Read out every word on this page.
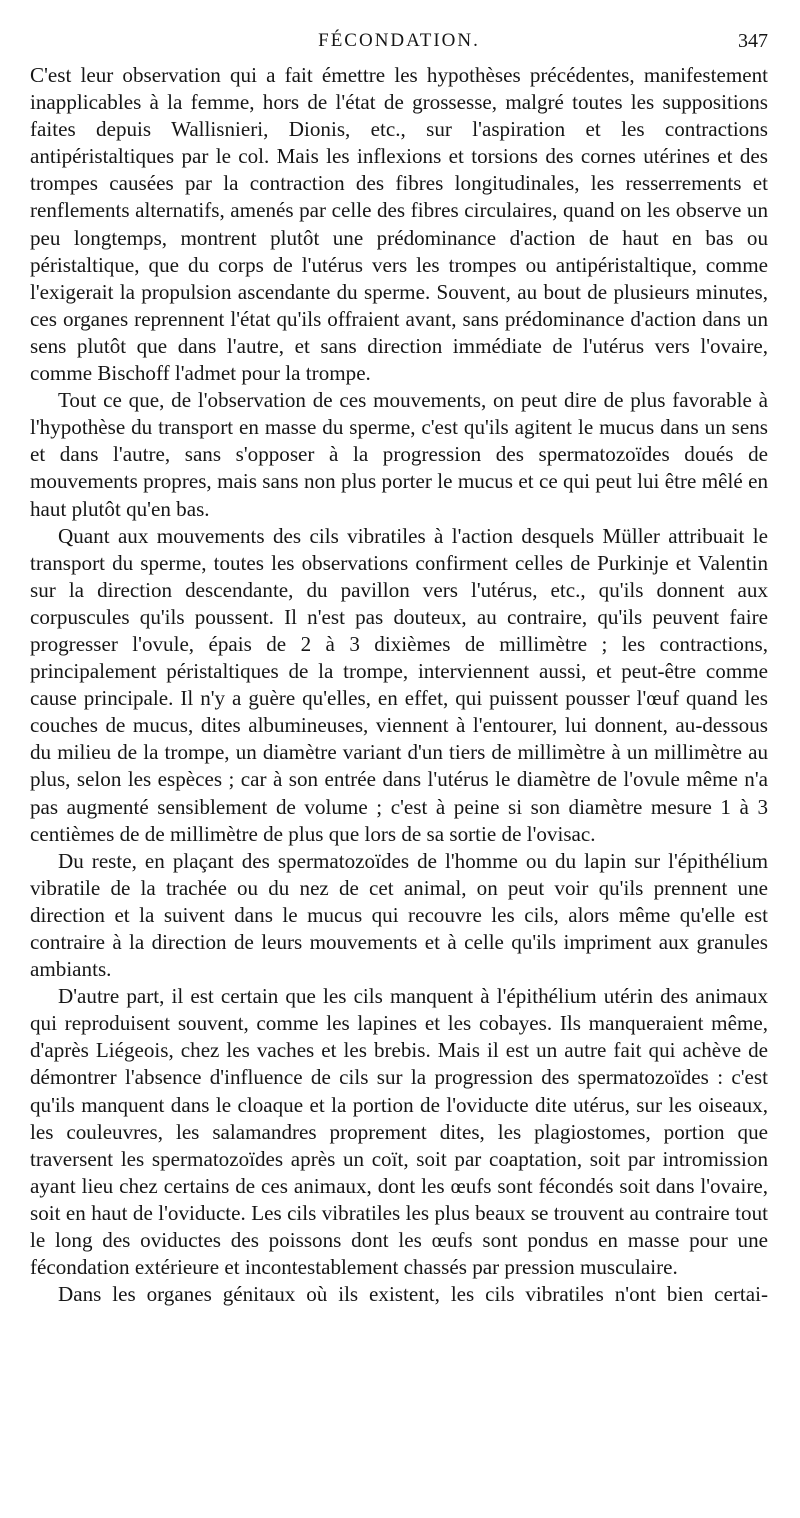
FÉCONDATION.	347

C'est leur observation qui a fait émettre les hypothèses précédentes, manifestement inapplicables à la femme, hors de l'état de grossesse, malgré toutes les suppositions faites depuis Wallisnieri, Dionis, etc., sur l'aspiration et les contractions antipéristaltiques par le col. Mais les inflexions et torsions des cornes utérines et des trompes causées par la contraction des fibres longitudinales, les resserrements et renflements alternatifs, amenés par celle des fibres circulaires, quand on les observe un peu longtemps, montrent plutôt une prédominance d'action de haut en bas ou péristaltique, que du corps de l'utérus vers les trompes ou antipéristaltique, comme l'exigerait la propulsion ascendante du sperme. Souvent, au bout de plusieurs minutes, ces organes reprennent l'état qu'ils offraient avant, sans prédominance d'action dans un sens plutôt que dans l'autre, et sans direction immédiate de l'utérus vers l'ovaire, comme Bischoff l'admet pour la trompe.

Tout ce que, de l'observation de ces mouvements, on peut dire de plus favorable à l'hypothèse du transport en masse du sperme, c'est qu'ils agitent le mucus dans un sens et dans l'autre, sans s'opposer à la progression des spermatozoïdes doués de mouvements propres, mais sans non plus porter le mucus et ce qui peut lui être mêlé en haut plutôt qu'en bas.

Quant aux mouvements des cils vibratiles à l'action desquels Müller attribuait le transport du sperme, toutes les observations confirment celles de Purkinje et Valentin sur la direction descendante, du pavillon vers l'utérus, etc., qu'ils donnent aux corpuscules qu'ils poussent. Il n'est pas douteux, au contraire, qu'ils peuvent faire progresser l'ovule, épais de 2 à 3 dixièmes de millimètre ; les contractions, principalement péristaltiques de la trompe, interviennent aussi, et peut-être comme cause principale. Il n'y a guère qu'elles, en effet, qui puissent pousser l'œuf quand les couches de mucus, dites albumineuses, viennent à l'entourer, lui donnent, au-dessous du milieu de la trompe, un diamètre variant d'un tiers de millimètre à un millimètre au plus, selon les espèces ; car à son entrée dans l'utérus le diamètre de l'ovule même n'a pas augmenté sensiblement de volume ; c'est à peine si son diamètre mesure 1 à 3 centièmes de de millimètre de plus que lors de sa sortie de l'ovisac.

Du reste, en plaçant des spermatozoïdes de l'homme ou du lapin sur l'épithélium vibratile de la trachée ou du nez de cet animal, on peut voir qu'ils prennent une direction et la suivent dans le mucus qui recouvre les cils, alors même qu'elle est contraire à la direction de leurs mouvements et à celle qu'ils impriment aux granules ambiants.

D'autre part, il est certain que les cils manquent à l'épithélium utérin des animaux qui reproduisent souvent, comme les lapines et les cobayes. Ils manqueraient même, d'après Liégeois, chez les vaches et les brebis. Mais il est un autre fait qui achève de démontrer l'absence d'influence de cils sur la progression des spermatozoïdes : c'est qu'ils manquent dans le cloaque et la portion de l'oviducte dite utérus, sur les oiseaux, les couleuvres, les salamandres proprement dites, les plagiostomes, portion que traversent les spermatozoïdes après un coït, soit par coaptation, soit par intromission ayant lieu chez certains de ces animaux, dont les œufs sont fécondés soit dans l'ovaire, soit en haut de l'oviducte. Les cils vibratiles les plus beaux se trouvent au contraire tout le long des oviductes des poissons dont les œufs sont pondus en masse pour une fécondation extérieure et incontestablement chassés par pression musculaire.

Dans les organes génitaux où ils existent, les cils vibratiles n'ont bien certai-
